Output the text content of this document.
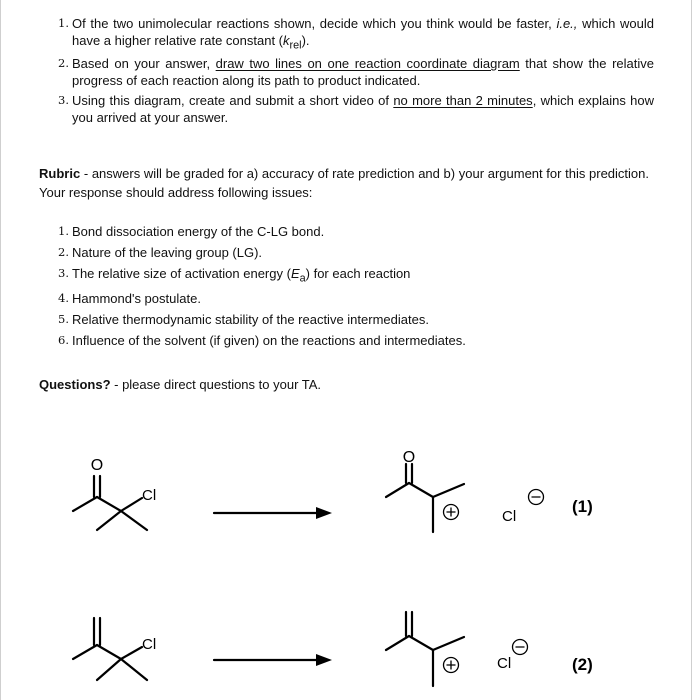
1. Of the two unimolecular reactions shown, decide which you think would be faster, i.e., which would have a higher relative rate constant $(k_{rel})$.
2. Based on your answer, draw two lines on one reaction coordinate diagram that show the relative progress of each reaction along its path to product indicated.
3. Using this diagram, create and submit a short video of no more than 2 minutes, which explains how you arrived at your answer.
Rubric - answers will be graded for a) accuracy of rate prediction and b) your argument for this prediction. Your response should address following issues:
1. Bond dissociation energy of the C-LG bond.
2. Nature of the leaving group (LG).
3. The relative size of activation energy $(E_a)$ for each reaction
4. Hammond's postulate.
5. Relative thermodynamic stability of the reactive intermediates.
6. Influence of the solvent (if given) on the reactions and intermediates.
Questions? - please direct questions to your TA.
O
Cl
O
Cl
(1)
Cl
Cl	(2)
